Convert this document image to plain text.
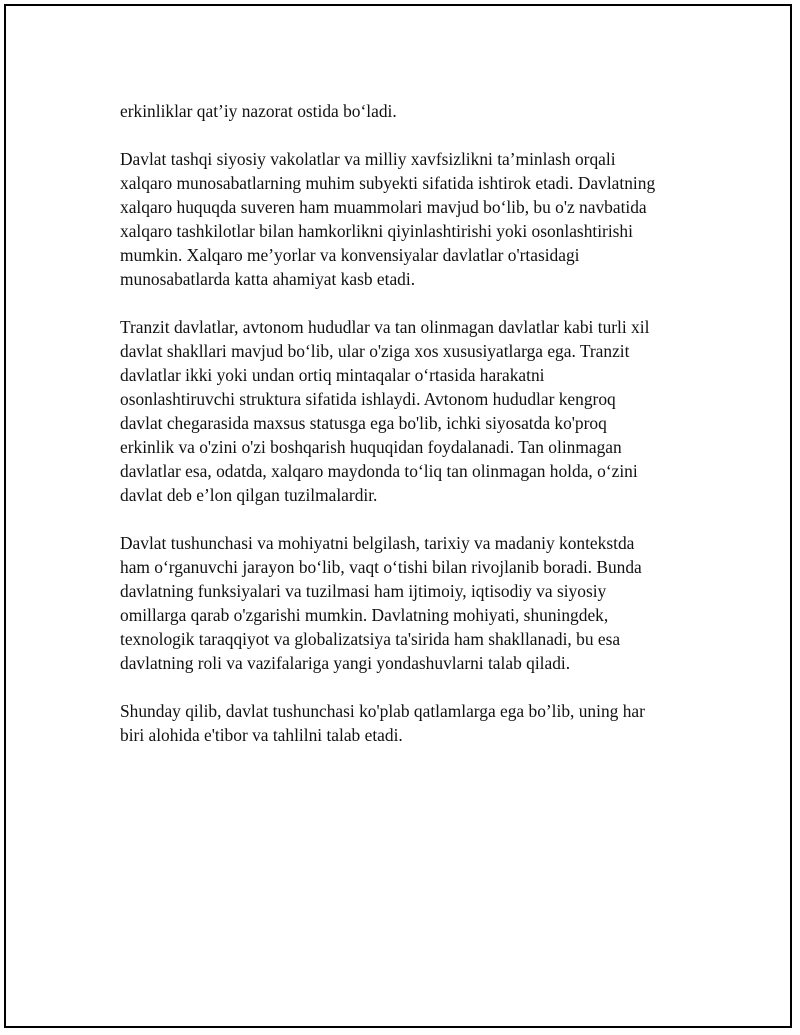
erkinliklar qat’iy nazorat ostida bo‘ladi.

Davlat tashqi siyosiy vakolatlar va milliy xavfsizlikni ta’minlash orqali
xalqaro munosabatlarning muhim subyekti sifatida ishtirok etadi. Davlatning
xalqaro huquqda suveren ham muammolari mavjud bo‘lib, bu o'z navbatida
xalqaro tashkilotlar bilan hamkorlikni qiyinlashtirishi yoki osonlashtirishi
mumkin. Xalqaro me’yorlar va konvensiyalar davlatlar o'rtasidagi
munosabatlarda katta ahamiyat kasb etadi.

Tranzit davlatlar, avtonom hududlar va tan olinmagan davlatlar kabi turli xil
davlat shakllari mavjud bo‘lib, ular o'ziga xos xususiyatlarga ega. Tranzit
davlatlar ikki yoki undan ortiq mintaqalar o‘rtasida harakatni
osonlashtiruvchi struktura sifatida ishlaydi. Avtonom hududlar kengroq
davlat chegarasida maxsus statusga ega bo'lib, ichki siyosatda ko'proq
erkinlik va o'zini o'zi boshqarish huquqidan foydalanadi. Tan olinmagan
davlatlar esa, odatda, xalqaro maydonda to‘liq tan olinmagan holda, o‘zini
davlat deb e’lon qilgan tuzilmalardir.

Davlat tushunchasi va mohiyatni belgilash, tarixiy va madaniy kontekstda
ham o‘rganuvchi jarayon bo‘lib, vaqt o‘tishi bilan rivojlanib boradi. Bunda
davlatning funksiyalari va tuzilmasi ham ijtimoiy, iqtisodiy va siyosiy
omillarga qarab o'zgarishi mumkin. Davlatning mohiyati, shuningdek,
texnologik taraqqiyot va globalizatsiya ta'sirida ham shakllanadi, bu esa
davlatning roli va vazifalariga yangi yondashuvlarni talab qiladi.

Shunday qilib, davlat tushunchasi ko'plab qatlamlarga ega bo’lib, uning har
biri alohida e'tibor va tahlilni talab etadi.
